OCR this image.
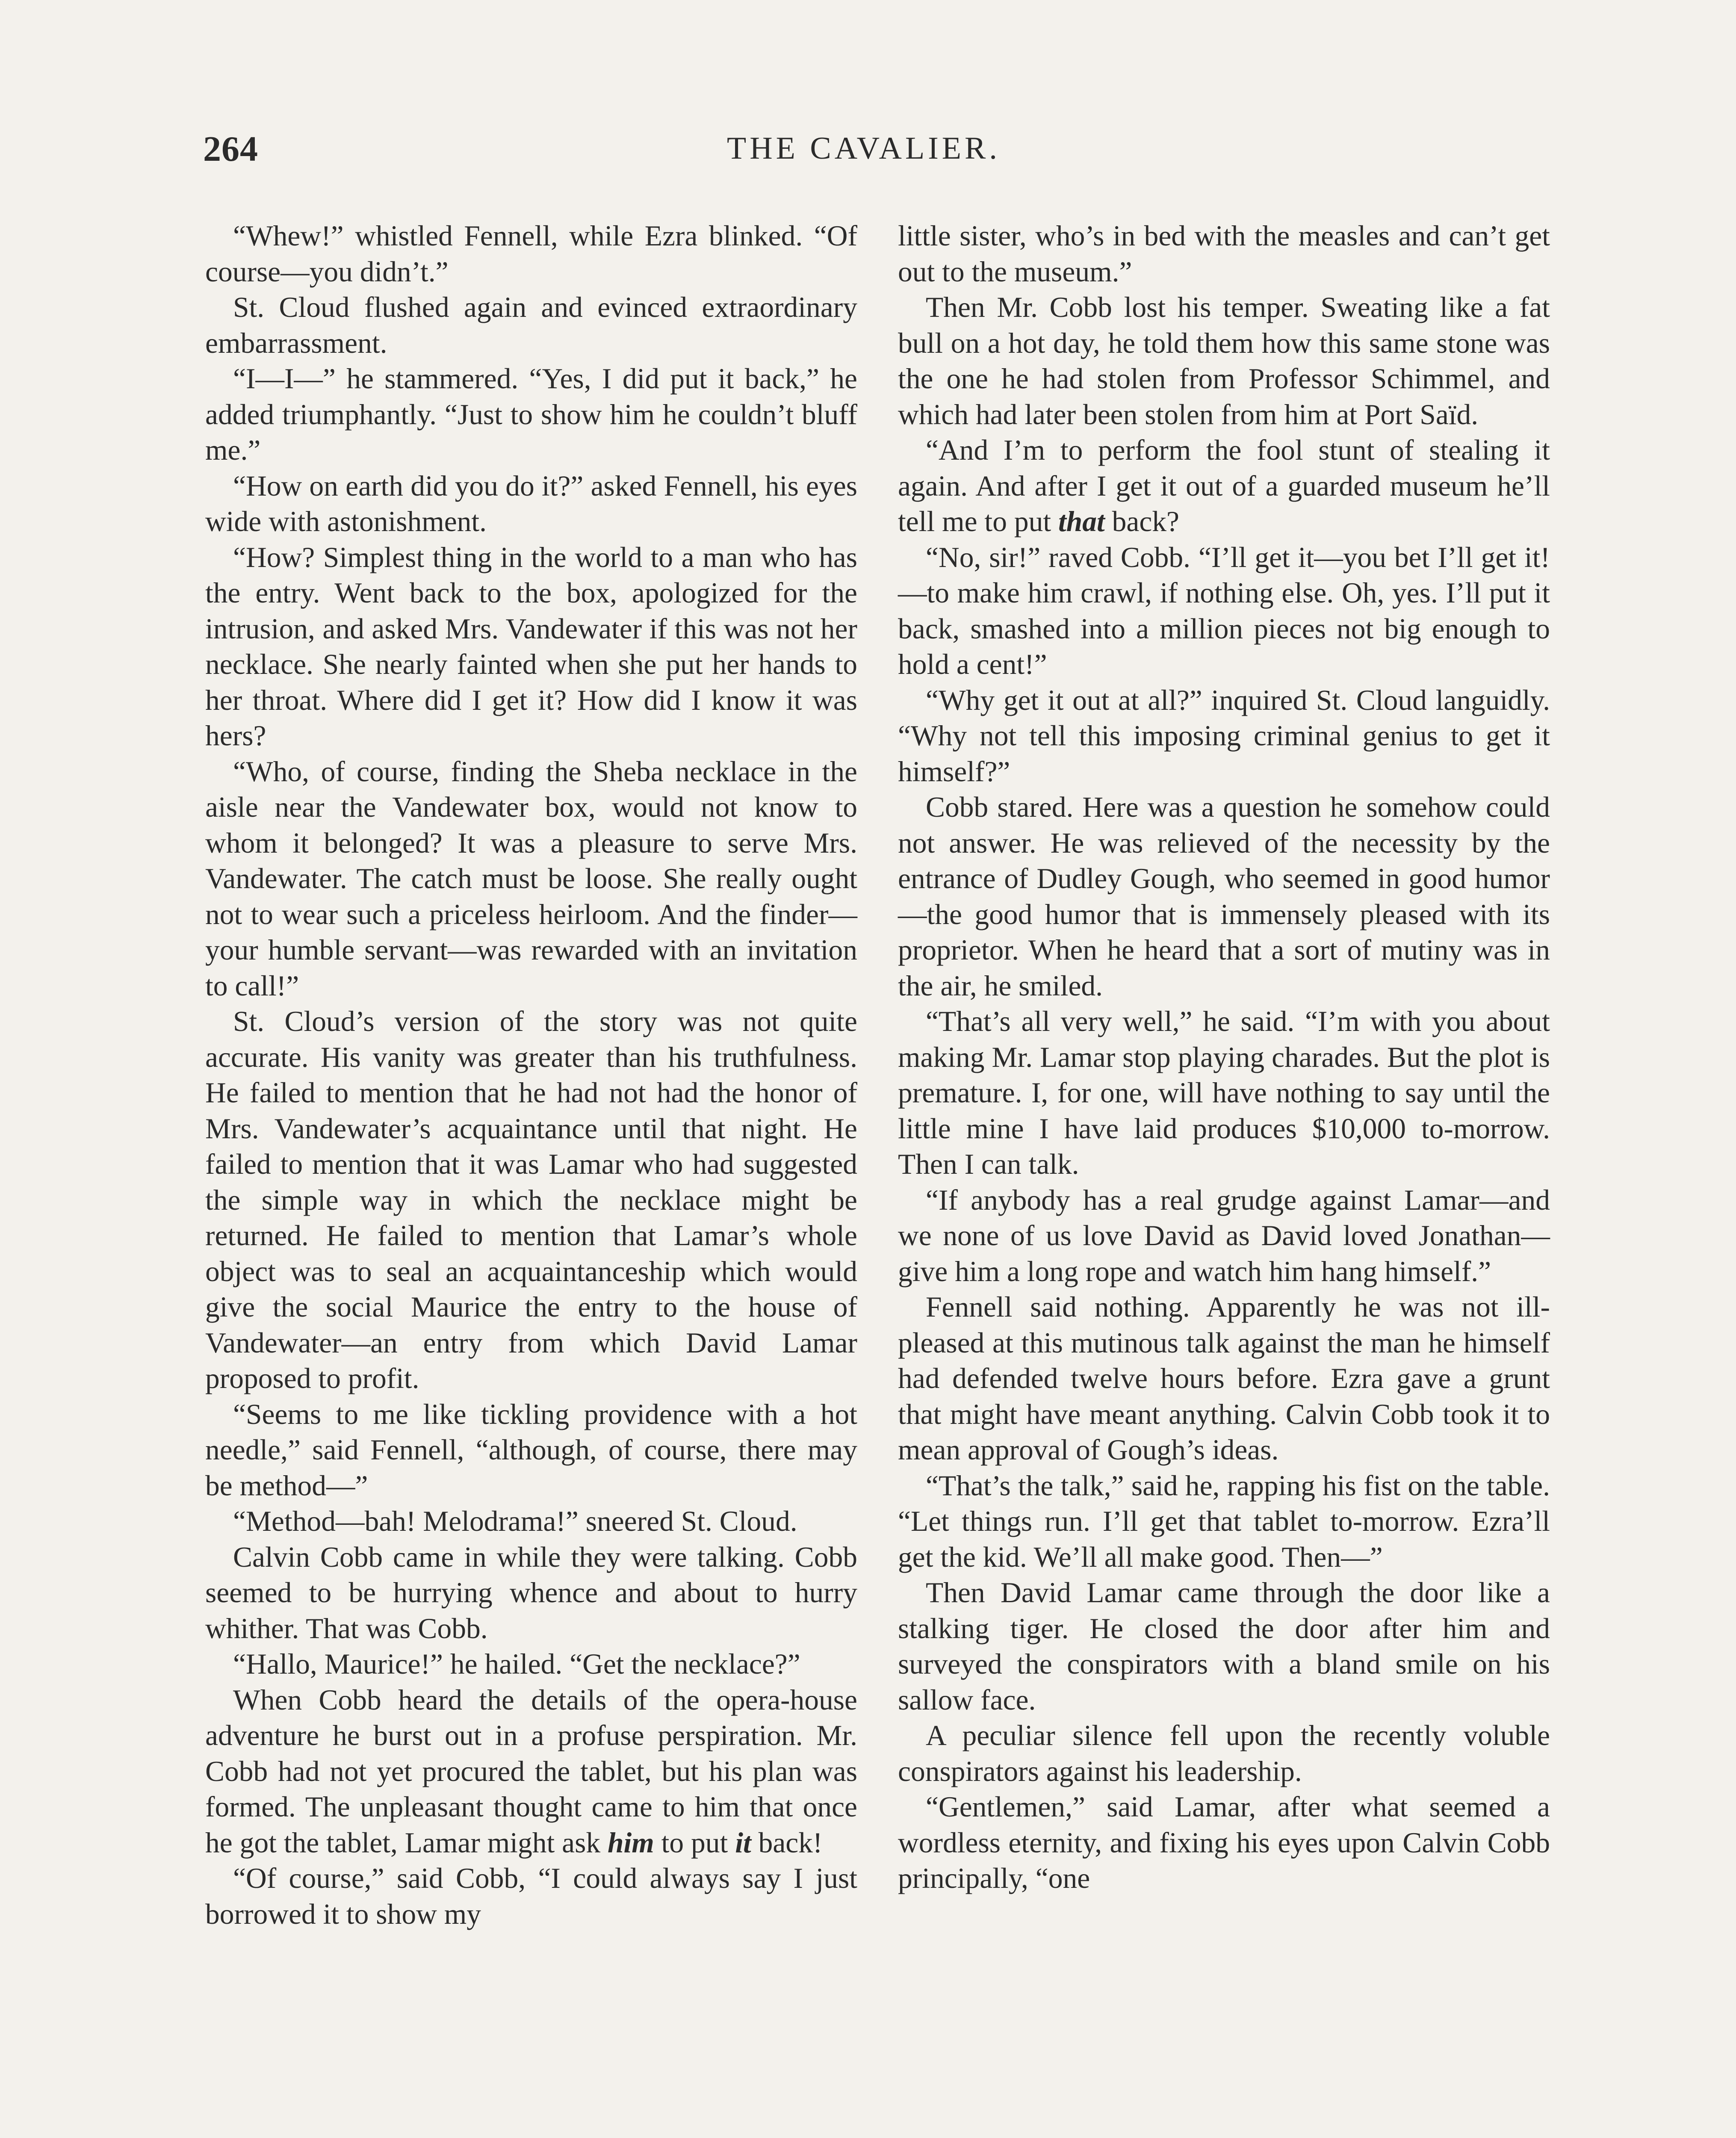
264	THE CAVALIER.

“Whew!” whistled Fennell, while Ezra blinked. “Of course—you didn’t.”

St. Cloud flushed again and evinced extraordinary embarrassment.

“I—I—” he stammered. “Yes, I did put it back,” he added triumphantly. “Just to show him he couldn’t bluff me.”

“How on earth did you do it?” asked Fennell, his eyes wide with astonishment.

“How? Simplest thing in the world to a man who has the entry. Went back to the box, apologized for the intrusion, and asked Mrs. Vandewater if this was not her necklace. She nearly fainted when she put her hands to her throat. Where did I get it? How did I know it was hers?

“Who, of course, finding the Sheba necklace in the aisle near the Vandewater box, would not know to whom it belonged? It was a pleasure to serve Mrs. Vandewater. The catch must be loose. She really ought not to wear such a priceless heirloom. And the finder—your humble servant—was rewarded with an invitation to call!”

St. Cloud’s version of the story was not quite accurate. His vanity was greater than his truthfulness. He failed to mention that he had not had the honor of Mrs. Vandewater’s acquaintance until that night. He failed to mention that it was Lamar who had suggested the simple way in which the necklace might be returned. He failed to mention that Lamar’s whole object was to seal an acquaintanceship which would give the social Maurice the entry to the house of Vandewater—an entry from which David Lamar proposed to profit.

“Seems to me like tickling providence with a hot needle,” said Fennell, “although, of course, there may be method—”

“Method—bah! Melodrama!” sneered St. Cloud.

Calvin Cobb came in while they were talking. Cobb seemed to be hurrying whence and about to hurry whither. That was Cobb.

“Hallo, Maurice!” he hailed. “Get the necklace?”

When Cobb heard the details of the opera-house adventure he burst out in a profuse perspiration. Mr. Cobb had not yet procured the tablet, but his plan was formed. The unpleasant thought came to him that once he got the tablet, Lamar might ask him to put it back!

“Of course,” said Cobb, “I could always say I just borrowed it to show my

little sister, who’s in bed with the measles and can’t get out to the museum.”

Then Mr. Cobb lost his temper. Sweating like a fat bull on a hot day, he told them how this same stone was the one he had stolen from Professor Schimmel, and which had later been stolen from him at Port Saïd.

“And I’m to perform the fool stunt of stealing it again. And after I get it out of a guarded museum he’ll tell me to put that back?

“No, sir!” raved Cobb. “I’ll get it—you bet I’ll get it!—to make him crawl, if nothing else. Oh, yes. I’ll put it back, smashed into a million pieces not big enough to hold a cent!”

“Why get it out at all?” inquired St. Cloud languidly. “Why not tell this imposing criminal genius to get it himself?”

Cobb stared. Here was a question he somehow could not answer. He was relieved of the necessity by the entrance of Dudley Gough, who seemed in good humor—the good humor that is immensely pleased with its proprietor. When he heard that a sort of mutiny was in the air, he smiled.

“That’s all very well,” he said. “I’m with you about making Mr. Lamar stop playing charades. But the plot is premature. I, for one, will have nothing to say until the little mine I have laid produces $10,000 to-morrow. Then I can talk.

“If anybody has a real grudge against Lamar—and we none of us love David as David loved Jonathan—give him a long rope and watch him hang himself.”

Fennell said nothing. Apparently he was not ill-pleased at this mutinous talk against the man he himself had defended twelve hours before. Ezra gave a grunt that might have meant anything. Calvin Cobb took it to mean approval of Gough’s ideas.

“That’s the talk,” said he, rapping his fist on the table. “Let things run. I’ll get that tablet to-morrow. Ezra’ll get the kid. We’ll all make good. Then—”

Then David Lamar came through the door like a stalking tiger. He closed the door after him and surveyed the conspirators with a bland smile on his sallow face.

A peculiar silence fell upon the recently voluble conspirators against his leadership.

“Gentlemen,” said Lamar, after what seemed a wordless eternity, and fixing his eyes upon Calvin Cobb principally, “one
